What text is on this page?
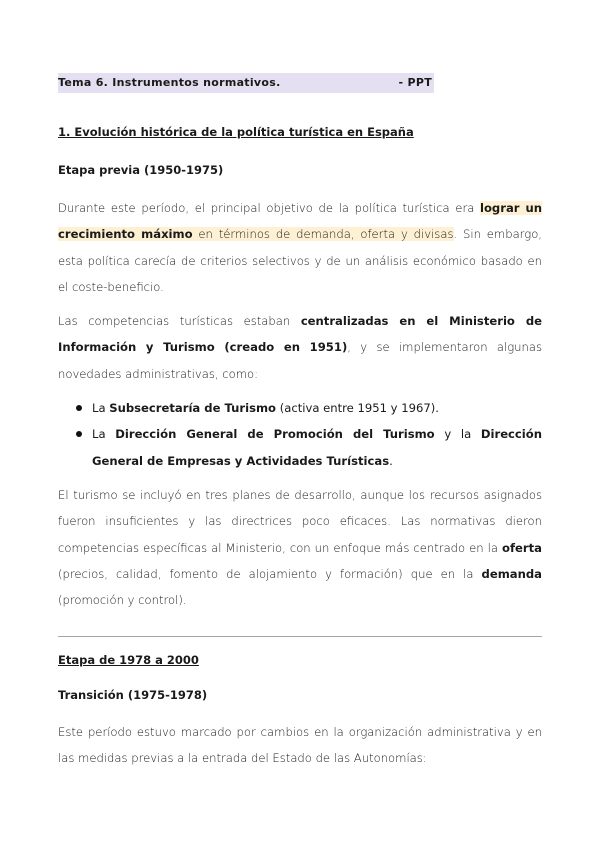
Tema 6. Instrumentos normativos.	- PPT
1. Evolución histórica de la política turística en España
Etapa previa (1950-1975)
Durante este período, el principal objetivo de la política turística era lograr un crecimiento máximo en términos de demanda, oferta y divisas. Sin embargo, esta política carecía de criterios selectivos y de un análisis económico basado en el coste-beneficio.
Las competencias turísticas estaban centralizadas en el Ministerio de Información y Turismo (creado en 1951), y se implementaron algunas novedades administrativas, como:
La Subsecretaría de Turismo (activa entre 1951 y 1967).
La Dirección General de Promoción del Turismo y la Dirección General de Empresas y Actividades Turísticas.
El turismo se incluyó en tres planes de desarrollo, aunque los recursos asignados fueron insuficientes y las directrices poco eficaces. Las normativas dieron competencias específicas al Ministerio, con un enfoque más centrado en la oferta (precios, calidad, fomento de alojamiento y formación) que en la demanda (promoción y control).
Etapa de 1978 a 2000
Transición (1975-1978)
Este período estuvo marcado por cambios en la organización administrativa y en las medidas previas a la entrada del Estado de las Autonomías:
